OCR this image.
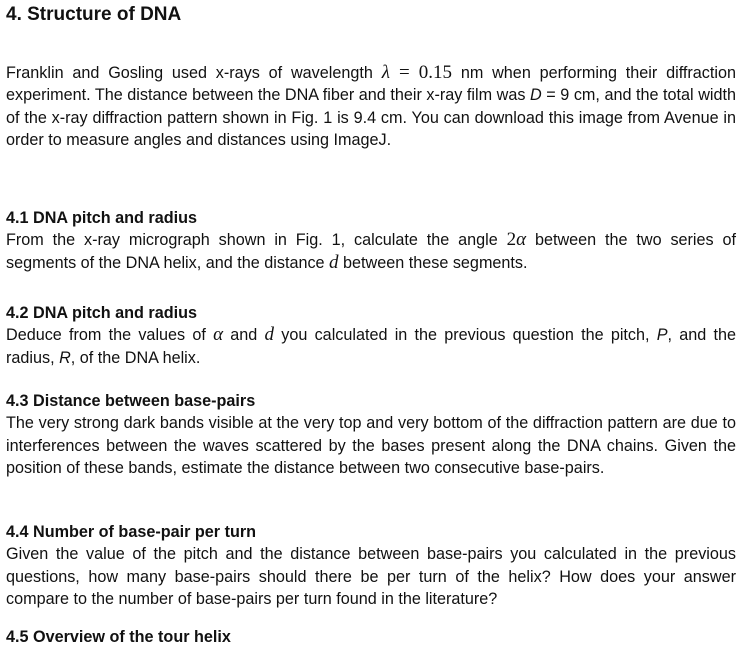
4. Structure of DNA

Franklin and Gosling used x-rays of wavelength λ = 0.15 nm when performing their diffraction experiment. The distance between the DNA fiber and their x-ray film was D = 9 cm, and the total width of the x-ray diffraction pattern shown in Fig. 1 is 9.4 cm. You can download this image from Avenue in order to measure angles and distances using ImageJ.

4.1 DNA pitch and radius
From the x-ray micrograph shown in Fig. 1, calculate the angle 2α between the two series of segments of the DNA helix, and the distance d between these segments.

4.2 DNA pitch and radius
Deduce from the values of α and d you calculated in the previous question the pitch, P, and the radius, R, of the DNA helix.

4.3 Distance between base-pairs
The very strong dark bands visible at the very top and very bottom of the diffraction pattern are due to interferences between the waves scattered by the bases present along the DNA chains. Given the position of these bands, estimate the distance between two consecutive base-pairs.

4.4 Number of base-pair per turn
Given the value of the pitch and the distance between base-pairs you calculated in the previous questions, how many base-pairs should there be per turn of the helix? How does your answer compare to the number of base-pairs per turn found in the literature?

4.5 Overview of the tour helix
